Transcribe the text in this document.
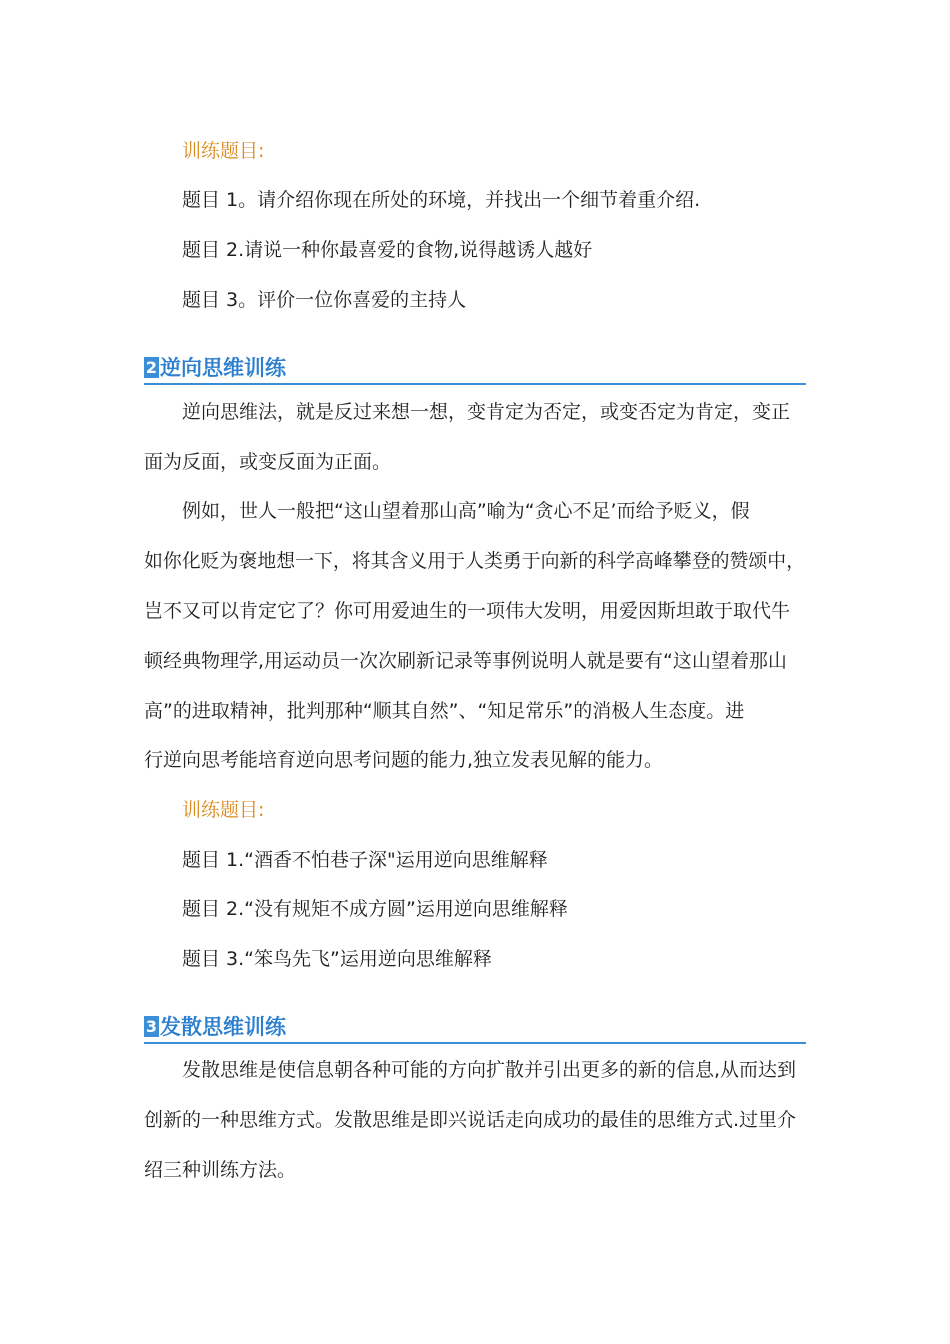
训练题目:
题目 1。请介绍你现在所处的环境，并找出一个细节着重介绍.
题目 2.请说一种你最喜爱的食物,说得越诱人越好
题目 3。评价一位你喜爱的主持人
2 逆向思维训练
逆向思维法，就是反过来想一想，变肯定为否定，或变否定为肯定，变正
面为反面，或变反面为正面。
例如，世人一般把“这山望着那山高”喻为“贪心不足’而给予贬义，假
如你化贬为褒地想一下，将其含义用于人类勇于向新的科学高峰攀登的赞颂中，
岂不又可以肯定它了？你可用爱迪生的一项伟大发明，用爱因斯坦敢于取代牛
顿经典物理学,用运动员一次次刷新记录等事例说明人就是要有“这山望着那山
高”的进取精神，批判那种“顺其自然”、“知足常乐”的消极人生态度。进
行逆向思考能培育逆向思考问题的能力,独立发表见解的能力。
训练题目:
题目 1.“酒香不怕巷子深"运用逆向思维解释
题目 2.“没有规矩不成方圆”运用逆向思维解释
题目 3.“笨鸟先飞”运用逆向思维解释
3 发散思维训练
发散思维是使信息朝各种可能的方向扩散并引出更多的新的信息,从而达到
创新的一种思维方式。发散思维是即兴说话走向成功的最佳的思维方式.过里介
绍三种训练方法。
